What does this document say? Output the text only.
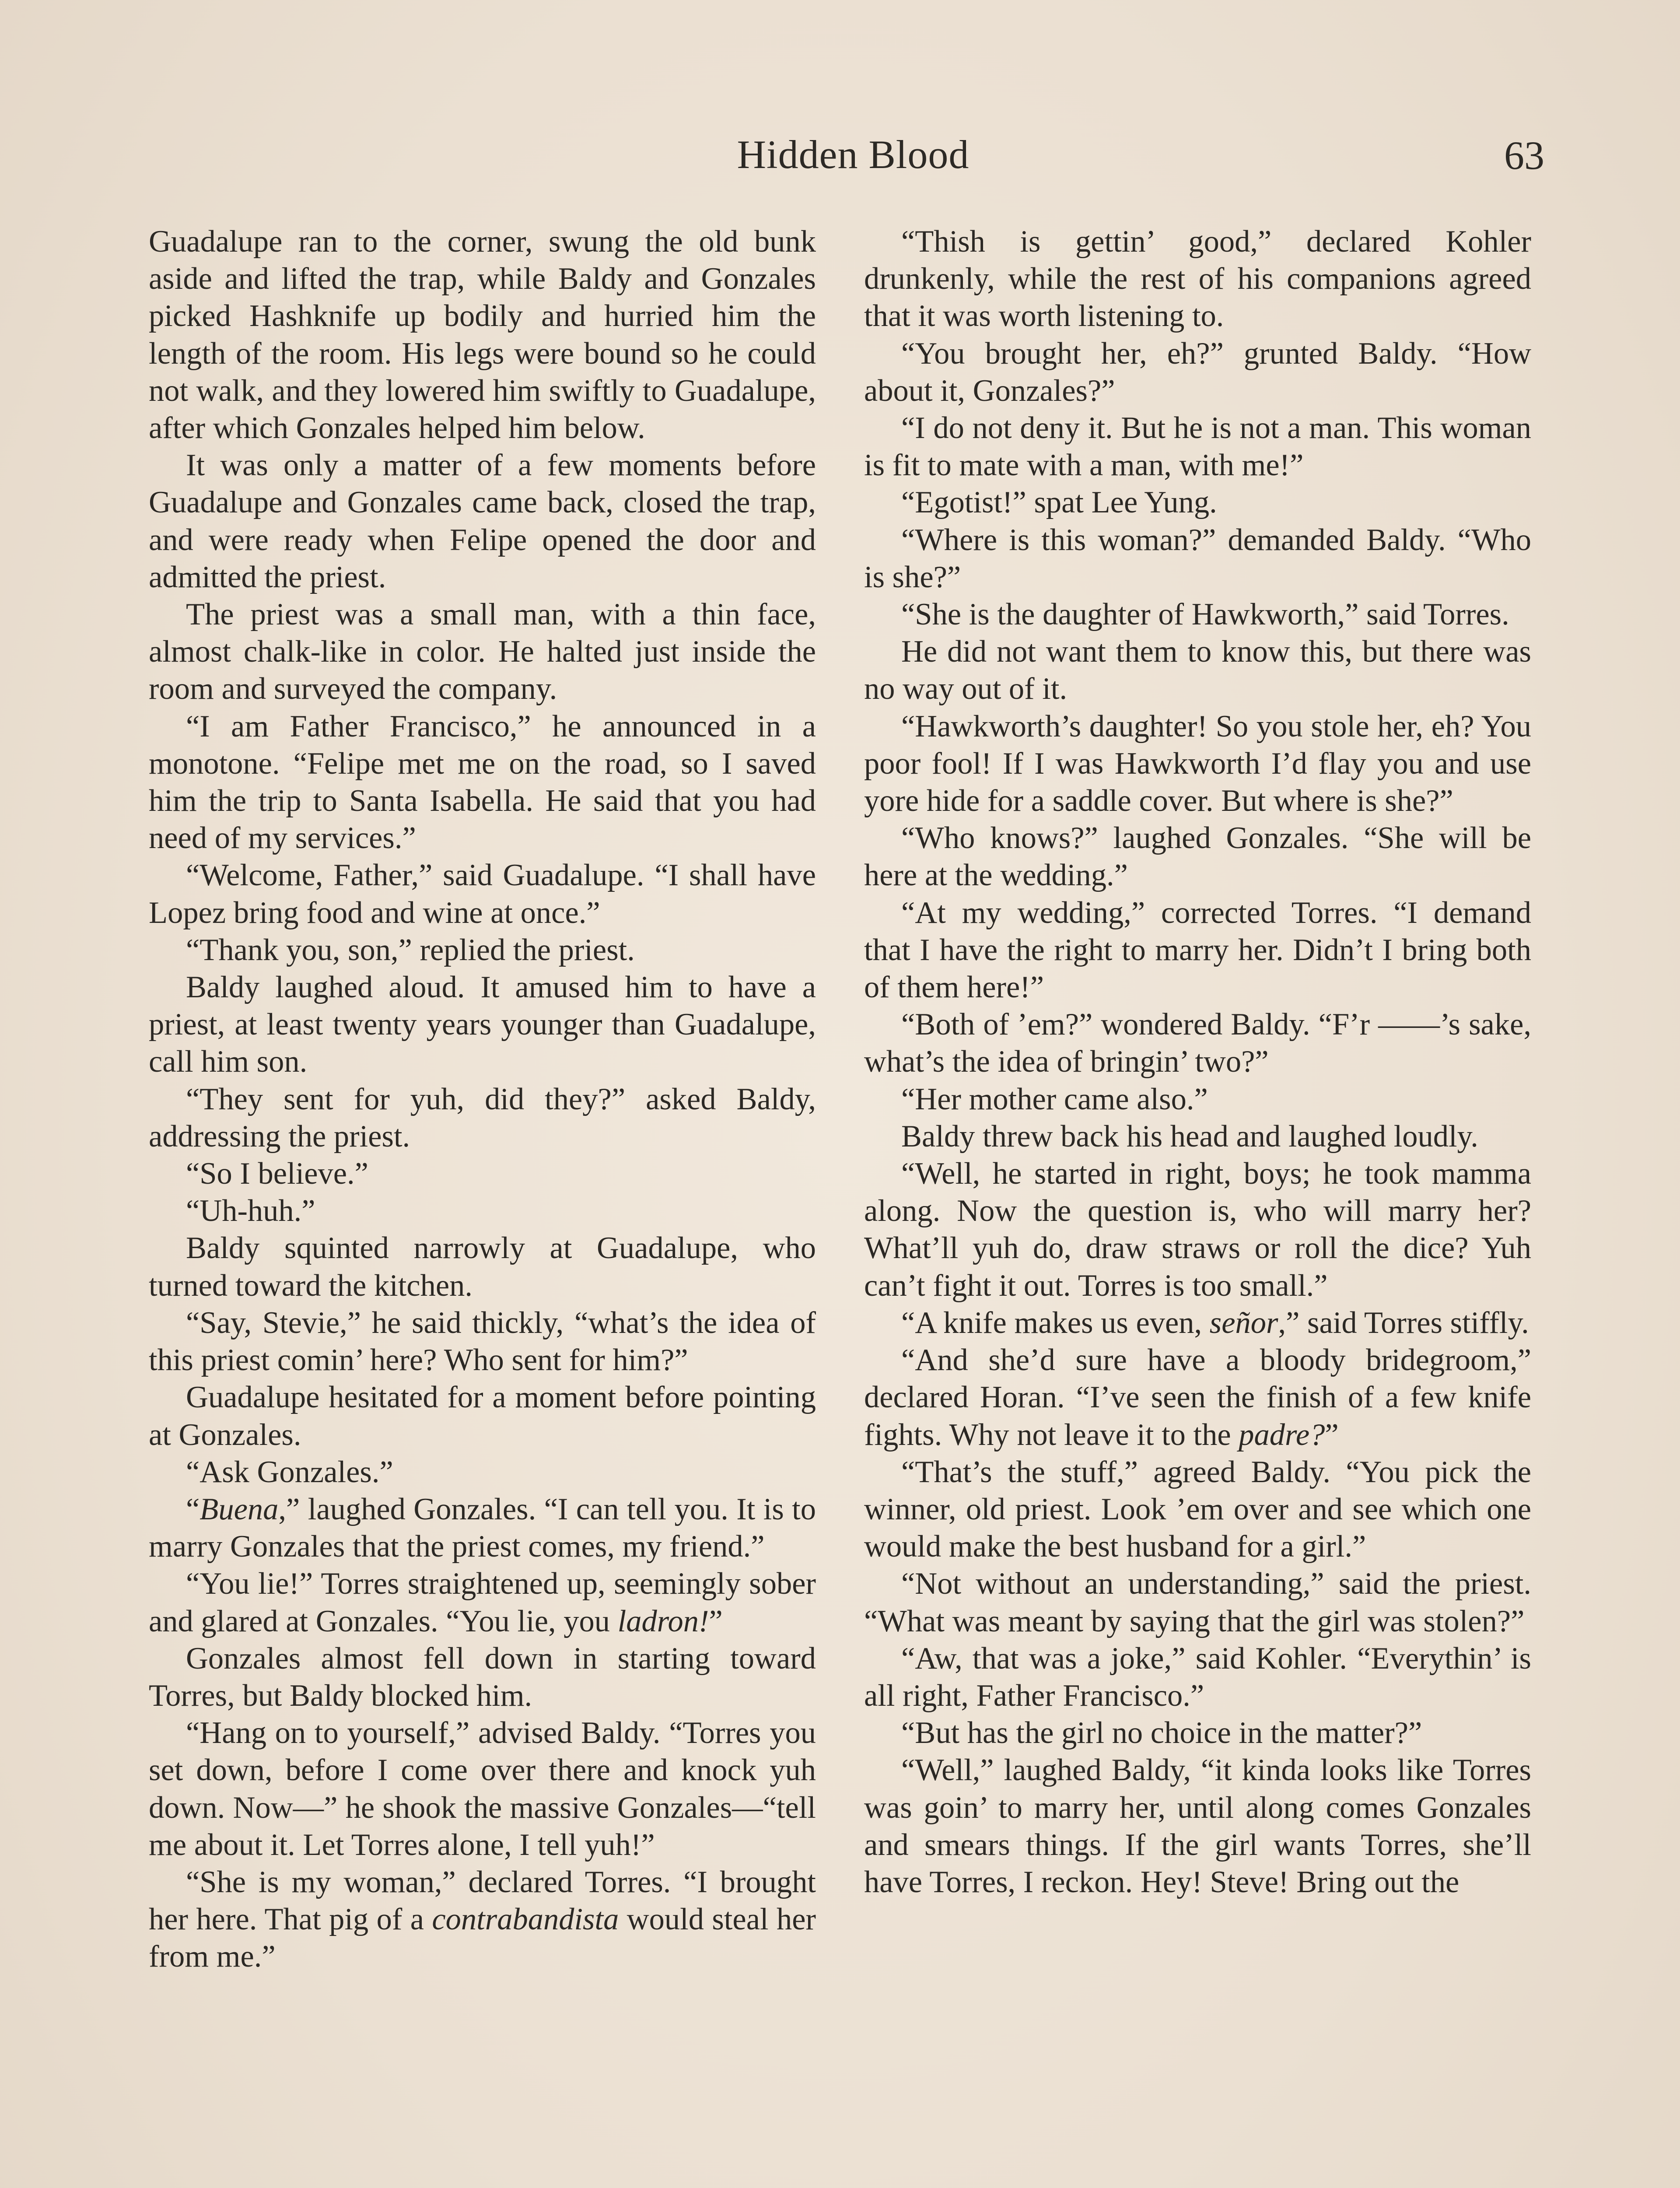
Hidden Blood	63

Guadalupe ran to the corner, swung the old bunk aside and lifted the trap, while Baldy and Gonzales picked Hashknife up bodily and hurried him the length of the room. His legs were bound so he could not walk, and they lowered him swiftly to Guadalupe, after which Gonzales helped him below.

It was only a matter of a few moments before Guadalupe and Gonzales came back, closed the trap, and were ready when Felipe opened the door and admitted the priest.

The priest was a small man, with a thin face, almost chalk-like in color. He halted just inside the room and surveyed the company.

“I am Father Francisco,” he announced in a monotone. “Felipe met me on the road, so I saved him the trip to Santa Isabella. He said that you had need of my services.”

“Welcome, Father,” said Guadalupe. “I shall have Lopez bring food and wine at once.”

“Thank you, son,” replied the priest.

Baldy laughed aloud. It amused him to have a priest, at least twenty years younger than Guadalupe, call him son.

“They sent for yuh, did they?” asked Baldy, addressing the priest.

“So I believe.”

“Uh-huh.”

Baldy squinted narrowly at Guadalupe, who turned toward the kitchen.

“Say, Stevie,” he said thickly, “what’s the idea of this priest comin’ here? Who sent for him?”

Guadalupe hesitated for a moment before pointing at Gonzales.

“Ask Gonzales.”

“Buena,” laughed Gonzales. “I can tell you. It is to marry Gonzales that the priest comes, my friend.”

“You lie!” Torres straightened up, seemingly sober and glared at Gonzales. “You lie, you ladron!”

Gonzales almost fell down in starting toward Torres, but Baldy blocked him.

“Hang on to yourself,” advised Baldy. “Torres you set down, before I come over there and knock yuh down. Now—” he shook the massive Gonzales—“tell me about it. Let Torres alone, I tell yuh!”

“She is my woman,” declared Torres. “I brought her here. That pig of a contrabandista would steal her from me.”

“Thish is gettin’ good,” declared Kohler drunkenly, while the rest of his companions agreed that it was worth listening to.

“You brought her, eh?” grunted Baldy. “How about it, Gonzales?”

“I do not deny it. But he is not a man. This woman is fit to mate with a man, with me!”

“Egotist!” spat Lee Yung.

“Where is this woman?” demanded Baldy. “Who is she?”

“She is the daughter of Hawkworth,” said Torres.

He did not want them to know this, but there was no way out of it.

“Hawkworth’s daughter! So you stole her, eh? You poor fool! If I was Hawkworth I’d flay you and use yore hide for a saddle cover. But where is she?”

“Who knows?” laughed Gonzales. “She will be here at the wedding.”

“At my wedding,” corrected Torres. “I demand that I have the right to marry her. Didn’t I bring both of them here!”

“Both of ’em?” wondered Baldy. “F’r ——’s sake, what’s the idea of bringin’ two?”

“Her mother came also.”

Baldy threw back his head and laughed loudly.

“Well, he started in right, boys; he took mamma along. Now the question is, who will marry her? What’ll yuh do, draw straws or roll the dice? Yuh can’t fight it out. Torres is too small.”

“A knife makes us even, señor,” said Torres stiffly.

“And she’d sure have a bloody bridegroom,” declared Horan. “I’ve seen the finish of a few knife fights. Why not leave it to the padre?”

“That’s the stuff,” agreed Baldy. “You pick the winner, old priest. Look ’em over and see which one would make the best husband for a girl.”

“Not without an understanding,” said the priest. “What was meant by saying that the girl was stolen?”

“Aw, that was a joke,” said Kohler. “Everythin’ is all right, Father Francisco.”

“But has the girl no choice in the matter?”

“Well,” laughed Baldy, “it kinda looks like Torres was goin’ to marry her, until along comes Gonzales and smears things. If the girl wants Torres, she’ll have Torres, I reckon. Hey! Steve! Bring out the
